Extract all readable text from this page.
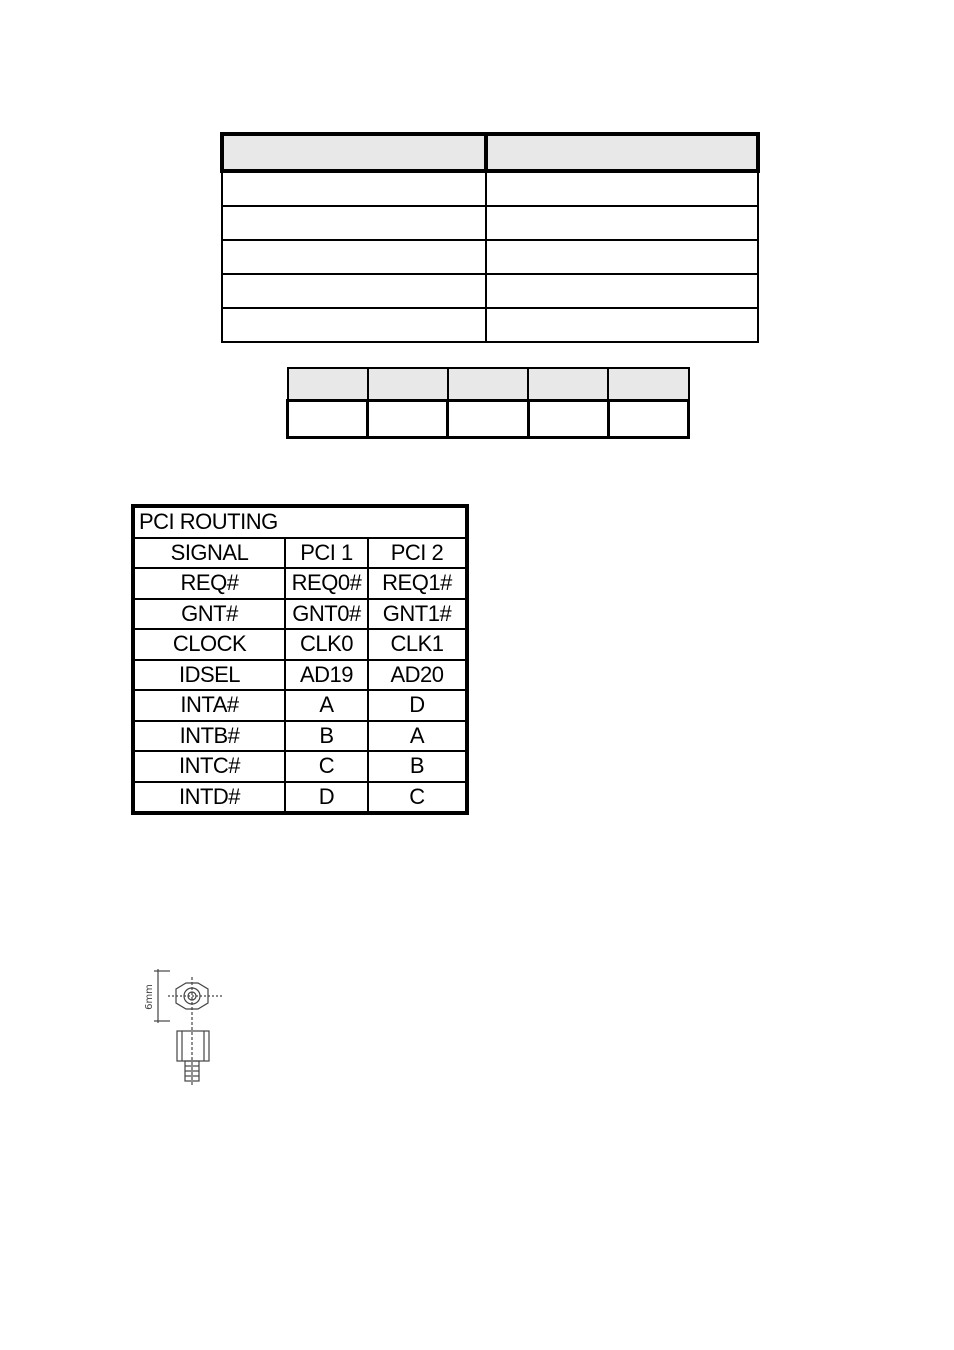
PCI ROUTING		
SIGNAL	PCI 1	PCI 2
REQ#	REQ0#	REQ1#
GNT#	GNT0#	GNT1#
CLOCK	CLK0	CLK1
IDSEL	AD19	AD20
INTA#	A	D
INTB#	B	A
INTC#	C	B
INTD#	D	C
6mm
